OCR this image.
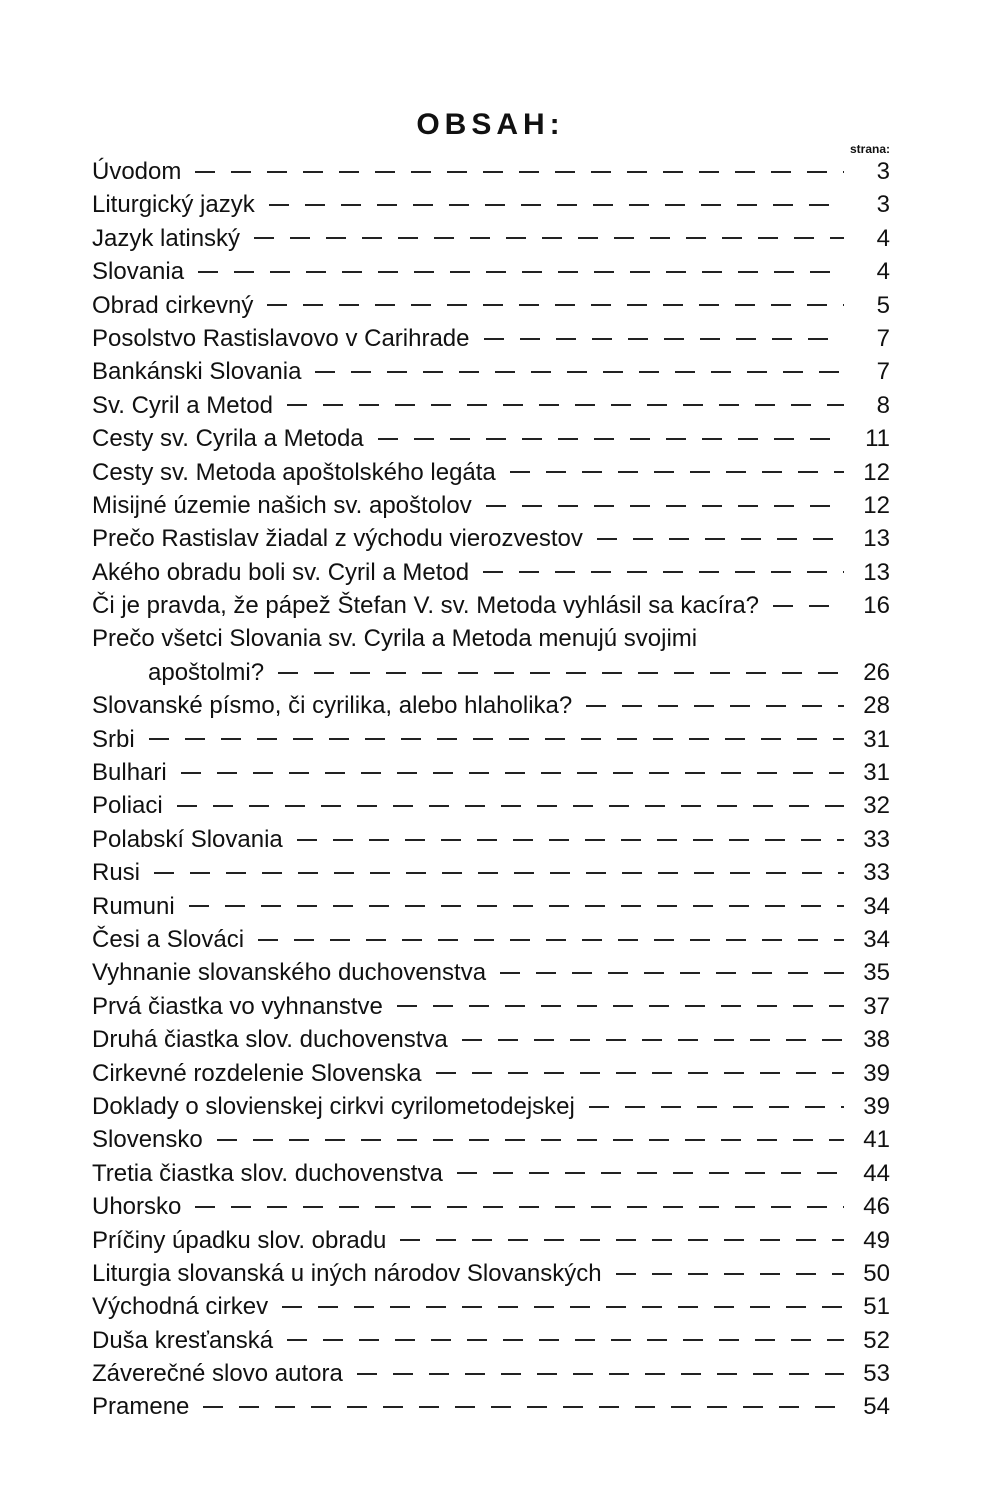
OBSAH:
strana:
Úvodom	3
Liturgický jazyk	3
Jazyk latinský	4
Slovania	4
Obrad cirkevný	5
Posolstvo Rastislavovo v Carihrade	7
Bankánski Slovania	7
Sv. Cyril a Metod	8
Cesty sv. Cyrila a Metoda	11
Cesty sv. Metoda apoštolského legáta	12
Misijné územie našich sv. apoštolov	12
Prečo Rastislav žiadal z východu vierozvestov	13
Akého obradu boli sv. Cyril a Metod	13
Či je pravda, že pápež Štefan V. sv. Metoda vyhlásil sa kacíra?	16
Prečo všetci Slovania sv. Cyrila a Metoda menujú svojimi
apoštolmi?	26
Slovanské písmo, či cyrilika, alebo hlaholika?	28
Srbi	31
Bulhari	31
Poliaci	32
Polabskí Slovania	33
Rusi	33
Rumuni	34
Česi a Slováci	34
Vyhnanie slovanského duchovenstva	35
Prvá čiastka vo vyhnanstve	37
Druhá čiastka slov. duchovenstva	38
Cirkevné rozdelenie Slovenska	39
Doklady o slovienskej cirkvi cyrilometodejskej	39
Slovensko	41
Tretia čiastka slov. duchovenstva	44
Uhorsko	46
Príčiny úpadku slov. obradu	49
Liturgia slovanská u iných národov Slovanských	50
Východná cirkev	51
Duša kresťanská	52
Záverečné slovo autora	53
Pramene	54
